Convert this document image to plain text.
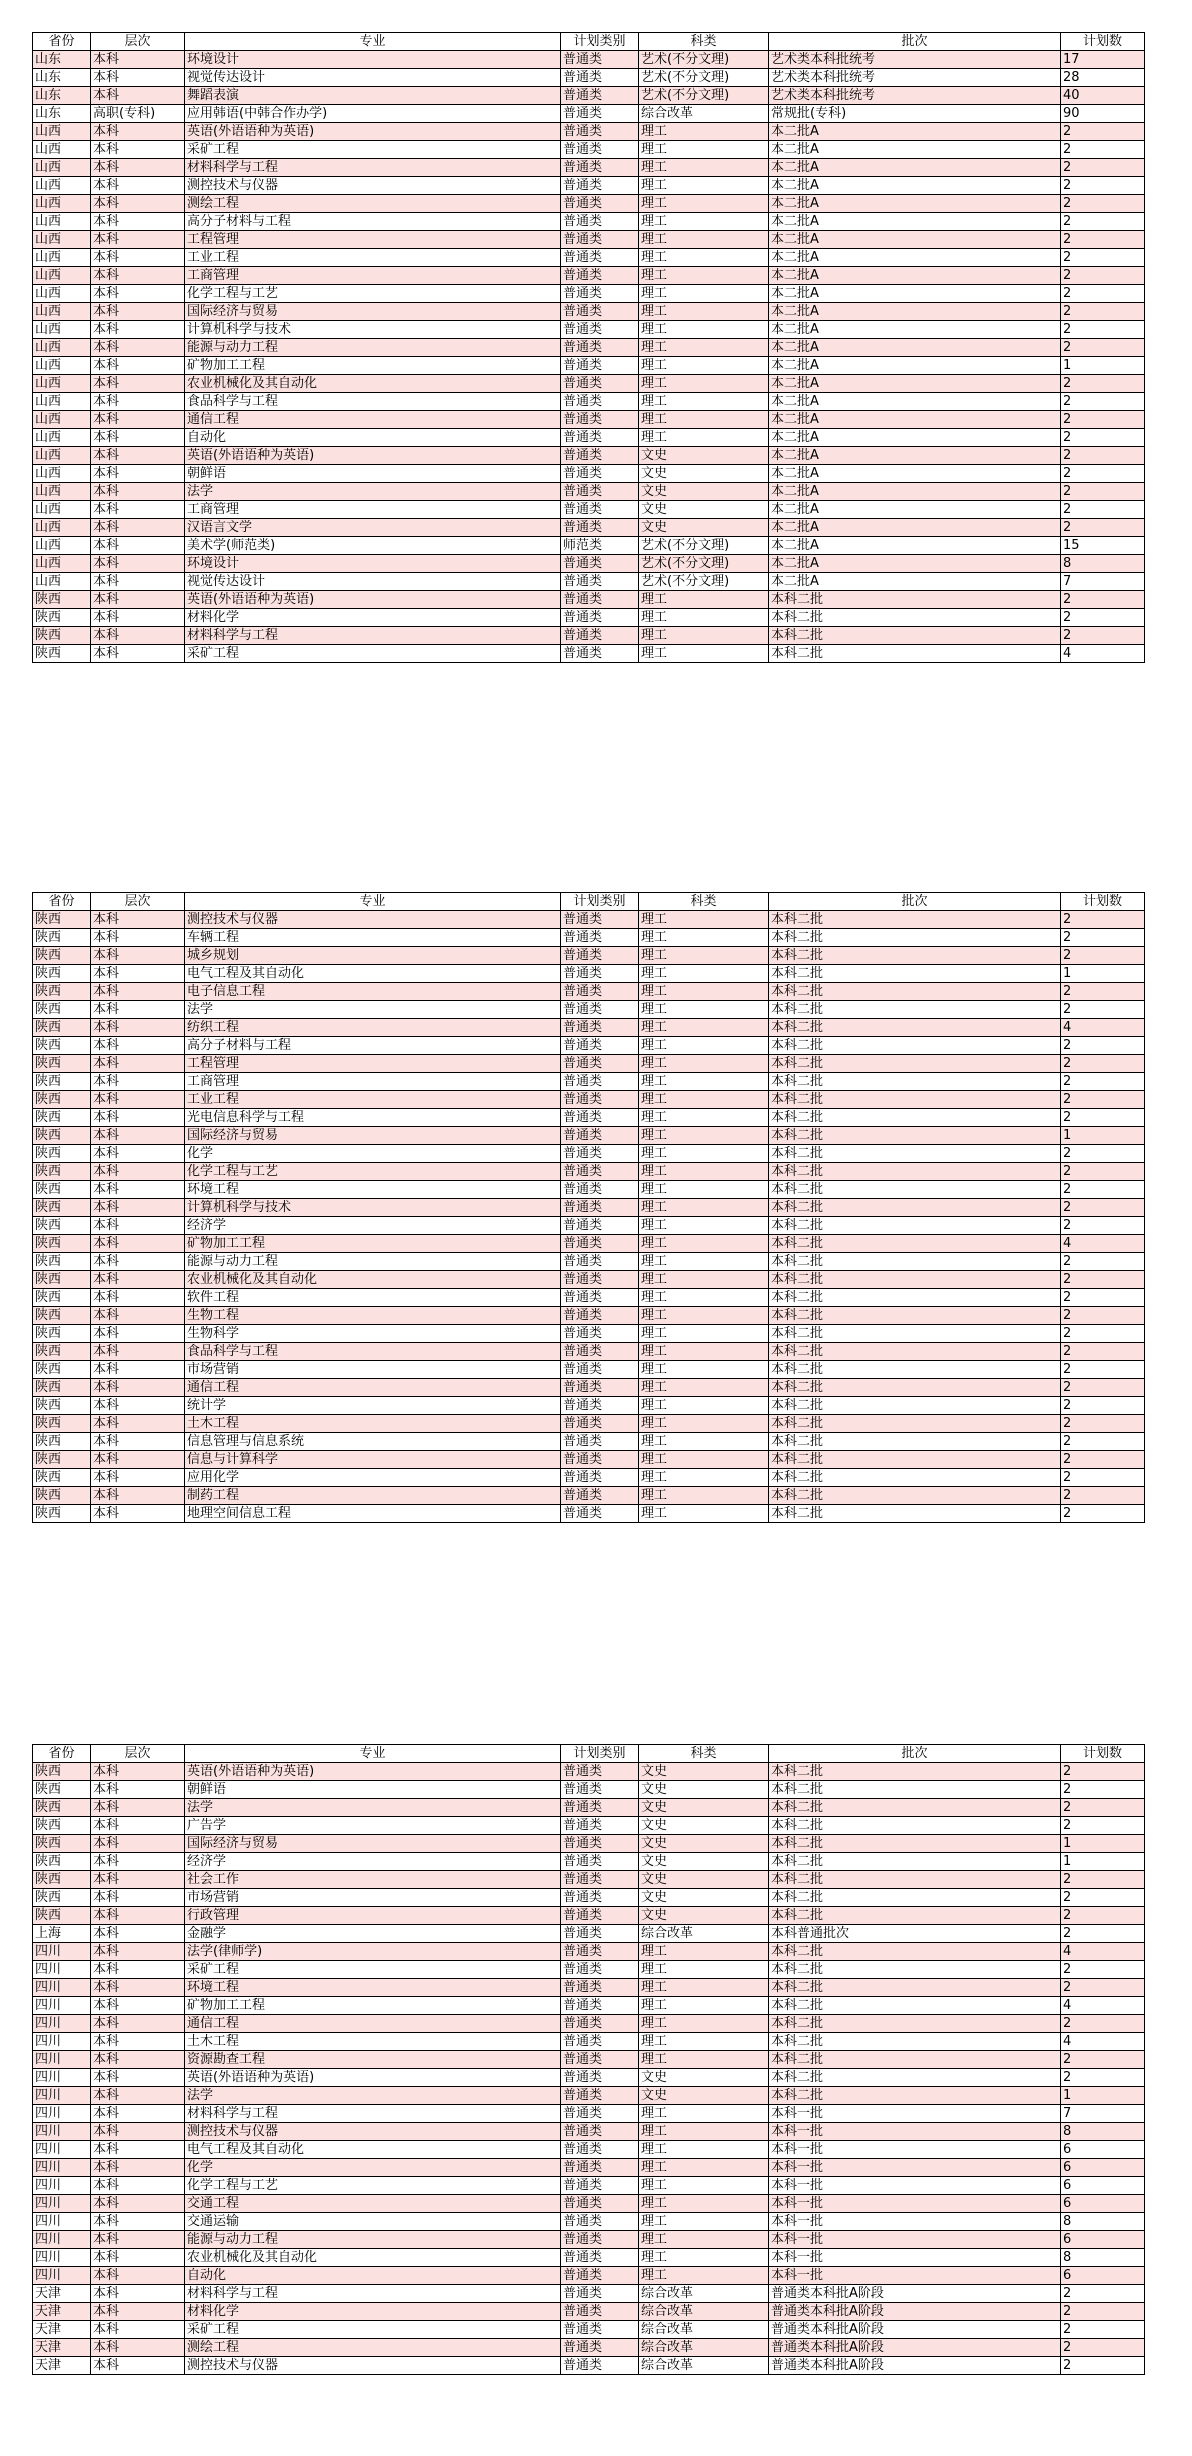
省份	层次	专业	计划类别	科类	批次	计划数
山东	本科	环境设计	普通类	艺术(不分文理)	艺术类本科批统考	17
山东	本科	视觉传达设计	普通类	艺术(不分文理)	艺术类本科批统考	28
山东	本科	舞蹈表演	普通类	艺术(不分文理)	艺术类本科批统考	40
山东	高职(专科)	应用韩语(中韩合作办学)	普通类	综合改革	常规批(专科)	90
山西	本科	英语(外语语种为英语)	普通类	理工	本二批A	2
山西	本科	采矿工程	普通类	理工	本二批A	2
山西	本科	材料科学与工程	普通类	理工	本二批A	2
山西	本科	测控技术与仪器	普通类	理工	本二批A	2
山西	本科	测绘工程	普通类	理工	本二批A	2
山西	本科	高分子材料与工程	普通类	理工	本二批A	2
山西	本科	工程管理	普通类	理工	本二批A	2
山西	本科	工业工程	普通类	理工	本二批A	2
山西	本科	工商管理	普通类	理工	本二批A	2
山西	本科	化学工程与工艺	普通类	理工	本二批A	2
山西	本科	国际经济与贸易	普通类	理工	本二批A	2
山西	本科	计算机科学与技术	普通类	理工	本二批A	2
山西	本科	能源与动力工程	普通类	理工	本二批A	2
山西	本科	矿物加工工程	普通类	理工	本二批A	1
山西	本科	农业机械化及其自动化	普通类	理工	本二批A	2
山西	本科	食品科学与工程	普通类	理工	本二批A	2
山西	本科	通信工程	普通类	理工	本二批A	2
山西	本科	自动化	普通类	理工	本二批A	2
山西	本科	英语(外语语种为英语)	普通类	文史	本二批A	2
山西	本科	朝鲜语	普通类	文史	本二批A	2
山西	本科	法学	普通类	文史	本二批A	2
山西	本科	工商管理	普通类	文史	本二批A	2
山西	本科	汉语言文学	普通类	文史	本二批A	2
山西	本科	美术学(师范类)	师范类	艺术(不分文理)	本二批A	15
山西	本科	环境设计	普通类	艺术(不分文理)	本二批A	8
山西	本科	视觉传达设计	普通类	艺术(不分文理)	本二批A	7
陕西	本科	英语(外语语种为英语)	普通类	理工	本科二批	2
陕西	本科	材料化学	普通类	理工	本科二批	2
陕西	本科	材料科学与工程	普通类	理工	本科二批	2
陕西	本科	采矿工程	普通类	理工	本科二批	4
省份	层次	专业	计划类别	科类	批次	计划数
陕西	本科	测控技术与仪器	普通类	理工	本科二批	2
陕西	本科	车辆工程	普通类	理工	本科二批	2
陕西	本科	城乡规划	普通类	理工	本科二批	2
陕西	本科	电气工程及其自动化	普通类	理工	本科二批	1
陕西	本科	电子信息工程	普通类	理工	本科二批	2
陕西	本科	法学	普通类	理工	本科二批	2
陕西	本科	纺织工程	普通类	理工	本科二批	4
陕西	本科	高分子材料与工程	普通类	理工	本科二批	2
陕西	本科	工程管理	普通类	理工	本科二批	2
陕西	本科	工商管理	普通类	理工	本科二批	2
陕西	本科	工业工程	普通类	理工	本科二批	2
陕西	本科	光电信息科学与工程	普通类	理工	本科二批	2
陕西	本科	国际经济与贸易	普通类	理工	本科二批	1
陕西	本科	化学	普通类	理工	本科二批	2
陕西	本科	化学工程与工艺	普通类	理工	本科二批	2
陕西	本科	环境工程	普通类	理工	本科二批	2
陕西	本科	计算机科学与技术	普通类	理工	本科二批	2
陕西	本科	经济学	普通类	理工	本科二批	2
陕西	本科	矿物加工工程	普通类	理工	本科二批	4
陕西	本科	能源与动力工程	普通类	理工	本科二批	2
陕西	本科	农业机械化及其自动化	普通类	理工	本科二批	2
陕西	本科	软件工程	普通类	理工	本科二批	2
陕西	本科	生物工程	普通类	理工	本科二批	2
陕西	本科	生物科学	普通类	理工	本科二批	2
陕西	本科	食品科学与工程	普通类	理工	本科二批	2
陕西	本科	市场营销	普通类	理工	本科二批	2
陕西	本科	通信工程	普通类	理工	本科二批	2
陕西	本科	统计学	普通类	理工	本科二批	2
陕西	本科	土木工程	普通类	理工	本科二批	2
陕西	本科	信息管理与信息系统	普通类	理工	本科二批	2
陕西	本科	信息与计算科学	普通类	理工	本科二批	2
陕西	本科	应用化学	普通类	理工	本科二批	2
陕西	本科	制药工程	普通类	理工	本科二批	2
陕西	本科	地理空间信息工程	普通类	理工	本科二批	2
省份	层次	专业	计划类别	科类	批次	计划数
陕西	本科	英语(外语语种为英语)	普通类	文史	本科二批	2
陕西	本科	朝鲜语	普通类	文史	本科二批	2
陕西	本科	法学	普通类	文史	本科二批	2
陕西	本科	广告学	普通类	文史	本科二批	2
陕西	本科	国际经济与贸易	普通类	文史	本科二批	1
陕西	本科	经济学	普通类	文史	本科二批	1
陕西	本科	社会工作	普通类	文史	本科二批	2
陕西	本科	市场营销	普通类	文史	本科二批	2
陕西	本科	行政管理	普通类	文史	本科二批	2
上海	本科	金融学	普通类	综合改革	本科普通批次	2
四川	本科	法学(律师学)	普通类	理工	本科二批	4
四川	本科	采矿工程	普通类	理工	本科二批	2
四川	本科	环境工程	普通类	理工	本科二批	2
四川	本科	矿物加工工程	普通类	理工	本科二批	4
四川	本科	通信工程	普通类	理工	本科二批	2
四川	本科	土木工程	普通类	理工	本科二批	4
四川	本科	资源勘查工程	普通类	理工	本科二批	2
四川	本科	英语(外语语种为英语)	普通类	文史	本科二批	2
四川	本科	法学	普通类	文史	本科二批	1
四川	本科	材料科学与工程	普通类	理工	本科一批	7
四川	本科	测控技术与仪器	普通类	理工	本科一批	8
四川	本科	电气工程及其自动化	普通类	理工	本科一批	6
四川	本科	化学	普通类	理工	本科一批	6
四川	本科	化学工程与工艺	普通类	理工	本科一批	6
四川	本科	交通工程	普通类	理工	本科一批	6
四川	本科	交通运输	普通类	理工	本科一批	8
四川	本科	能源与动力工程	普通类	理工	本科一批	6
四川	本科	农业机械化及其自动化	普通类	理工	本科一批	8
四川	本科	自动化	普通类	理工	本科一批	6
天津	本科	材料科学与工程	普通类	综合改革	普通类本科批A阶段	2
天津	本科	材料化学	普通类	综合改革	普通类本科批A阶段	2
天津	本科	采矿工程	普通类	综合改革	普通类本科批A阶段	2
天津	本科	测绘工程	普通类	综合改革	普通类本科批A阶段	2
天津	本科	测控技术与仪器	普通类	综合改革	普通类本科批A阶段	2
